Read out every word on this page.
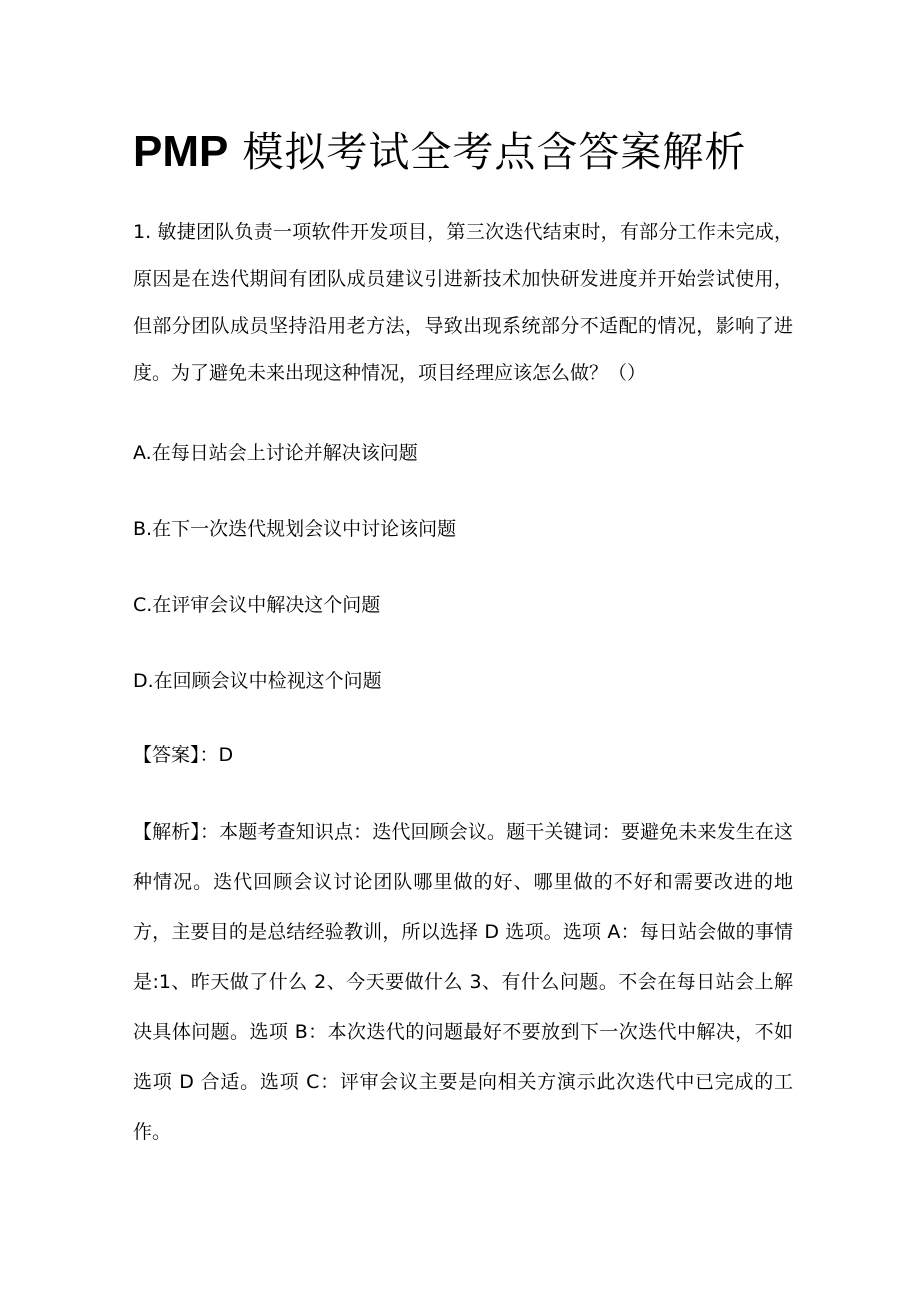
PMP 模拟考试全考点含答案解析

1. 敏捷团队负责一项软件开发项目，第三次迭代结束时，有部分工作未完成，原因是在迭代期间有团队成员建议引进新技术加快研发进度并开始尝试使用，但部分团队成员坚持沿用老方法，导致出现系统部分不适配的情况，影响了进度。为了避免未来出现这种情况，项目经理应该怎么做？（）

A.在每日站会上讨论并解决该问题

B.在下一次迭代规划会议中讨论该问题

C.在评审会议中解决这个问题

D.在回顾会议中检视这个问题

【答案】：D

【解析】：本题考查知识点：迭代回顾会议。题干关键词：要避免未来发生在这种情况。迭代回顾会议讨论团队哪里做的好、哪里做的不好和需要改进的地方，主要目的是总结经验教训，所以选择 D 选项。选项 A：每日站会做的事情是:1、昨天做了什么 2、今天要做什么 3、有什么问题。不会在每日站会上解决具体问题。选项 B：本次迭代的问题最好不要放到下一次迭代中解决，不如选项 D 合适。选项 C：评审会议主要是向相关方演示此次迭代中已完成的工作。
